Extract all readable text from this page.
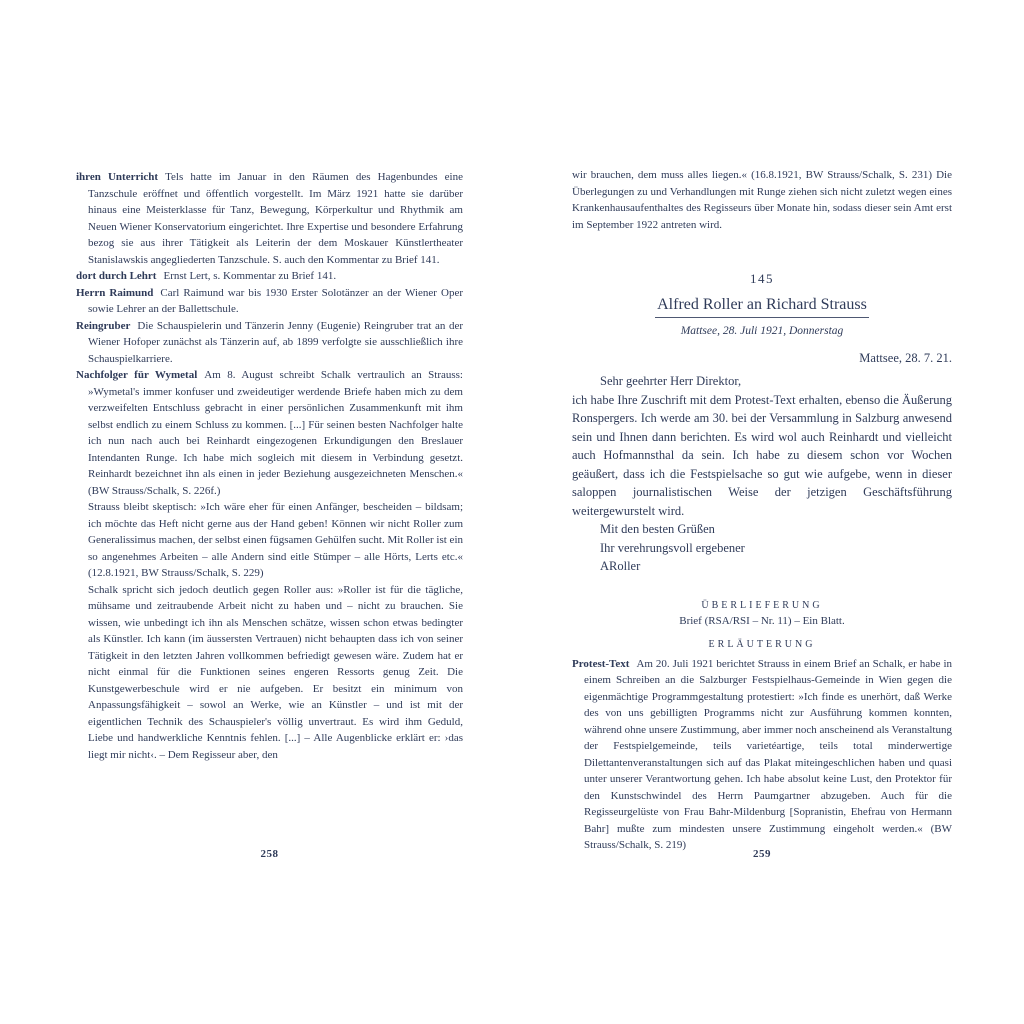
ihren Unterricht Tels hatte im Januar in den Räumen des Hagenbundes eine Tanzschule eröffnet und öffentlich vorgestellt. Im März 1921 hatte sie darüber hinaus eine Meisterklasse für Tanz, Bewegung, Körperkultur und Rhythmik am Neuen Wiener Konservatorium eingerichtet. Ihre Expertise und besondere Erfahrung bezog sie aus ihrer Tätigkeit als Leiterin der dem Moskauer Künstlertheater Stanislawskis angegliederten Tanzschule. S. auch den Kommentar zu Brief 141.

dort durch Lehrt Ernst Lert, s. Kommentar zu Brief 141.

Herrn Raimund Carl Raimund war bis 1930 Erster Solotänzer an der Wiener Oper sowie Lehrer an der Ballettschule.

Reingruber Die Schauspielerin und Tänzerin Jenny (Eugenie) Reingruber trat an der Wiener Hofoper zunächst als Tänzerin auf, ab 1899 verfolgte sie ausschließlich ihre Schauspielkarriere.

Nachfolger für Wymetal Am 8. August schreibt Schalk vertraulich an Strauss: »Wymetal's immer konfuser und zweideutiger werdende Briefe haben mich zu dem verzweifelten Entschluss gebracht in einer persönlichen Zusammenkunft mit ihm selbst endlich zu einem Schluss zu kommen. [...] Für seinen besten Nachfolger halte ich nun nach auch bei Reinhardt eingezogenen Erkundigungen den Breslauer Intendanten Runge. Ich habe mich sogleich mit diesem in Verbindung gesetzt. Reinhardt bezeichnet ihn als einen in jeder Beziehung ausgezeichneten Menschen.« (BW Strauss/Schalk, S. 226f.)

Strauss bleibt skeptisch: »Ich wäre eher für einen Anfänger, bescheiden – bildsam; ich möchte das Heft nicht gerne aus der Hand geben! Können wir nicht Roller zum Generalissimus machen, der selbst einen fügsamen Gehülfen sucht. Mit Roller ist ein so angenehmes Arbeiten – alle Andern sind eitle Stümper – alle Hörts, Lerts etc.« (12.8.1921, BW Strauss/Schalk, S. 229)

Schalk spricht sich jedoch deutlich gegen Roller aus: »Roller ist für die tägliche, mühsame und zeitraubende Arbeit nicht zu haben und – nicht zu brauchen. Sie wissen, wie unbedingt ich ihn als Menschen schätze, wissen schon etwas bedingter als Künstler. Ich kann (im äussersten Vertrauen) nicht behaupten dass ich von seiner Tätigkeit in den letzten Jahren vollkommen befriedigt gewesen wäre. Zudem hat er nicht einmal für die Funktionen seines engeren Ressorts genug Zeit. Die Kunstgewerbeschule wird er nie aufgeben. Er besitzt ein minimum von Anpassungsfähigkeit – sowol an Werke, wie an Künstler – und ist mit der eigentlichen Technik des Schauspieler's völlig unvertraut. Es wird ihm Geduld, Liebe und handwerkliche Kenntnis fehlen. [...] – Alle Augenblicke erklärt er: ›das liegt mir nicht‹. – Dem Regisseur aber, den

wir brauchen, dem muss alles liegen.« (16.8.1921, BW Strauss/Schalk, S. 231) Die Überlegungen zu und Verhandlungen mit Runge ziehen sich nicht zuletzt wegen eines Krankenhausaufenthaltes des Regisseurs über Monate hin, sodass dieser sein Amt erst im September 1922 antreten wird.

145
Alfred Roller an Richard Strauss
Mattsee, 28. Juli 1921, Donnerstag
Mattsee, 28. 7. 21.
Sehr geehrter Herr Direktor,

ich habe Ihre Zuschrift mit dem Protest-Text erhalten, ebenso die Äußerung Ronspergers. Ich werde am 30. bei der Versammlung in Salzburg anwesend sein und Ihnen dann berichten. Es wird wol auch Reinhardt und vielleicht auch Hofmannsthal da sein. Ich habe zu diesem schon vor Wochen geäußert, dass ich die Festspielsache so gut wie aufgebe, wenn in dieser saloppen journalistischen Weise der jetzigen Geschäftsführung weitergewurstelt wird.

Mit den besten Grüßen
Ihr verehrungsvoll ergebener
ARoller
ÜBERLIEFERUNG
Brief (RSA/RSI – Nr. 11) – Ein Blatt.
ERLÄUTERUNG

Protest-Text Am 20. Juli 1921 berichtet Strauss in einem Brief an Schalk, er habe in einem Schreiben an die Salzburger Festspielhaus-Gemeinde in Wien gegen die eigenmächtige Programmgestaltung protestiert: »Ich finde es unerhört, daß Werke des von uns gebilligten Programms nicht zur Ausführung kommen konnten, während ohne unsere Zustimmung, aber immer noch anscheinend als Veranstaltung der Festspielgemeinde, teils varietéartige, teils total minderwertige Dilettantenveranstaltungen sich auf das Plakat miteingeschlichen haben und quasi unter unserer Verantwortung gehen. Ich habe absolut keine Lust, den Protektor für den Kunstschwindel des Herrn Paumgartner abzugeben. Auch für die Regisseurgelüste von Frau Bahr-Mildenburg [Sopranistin, Ehefrau von Hermann Bahr] mußte zum mindesten unsere Zustimmung eingeholt werden.« (BW Strauss/Schalk, S. 219)

258	259
